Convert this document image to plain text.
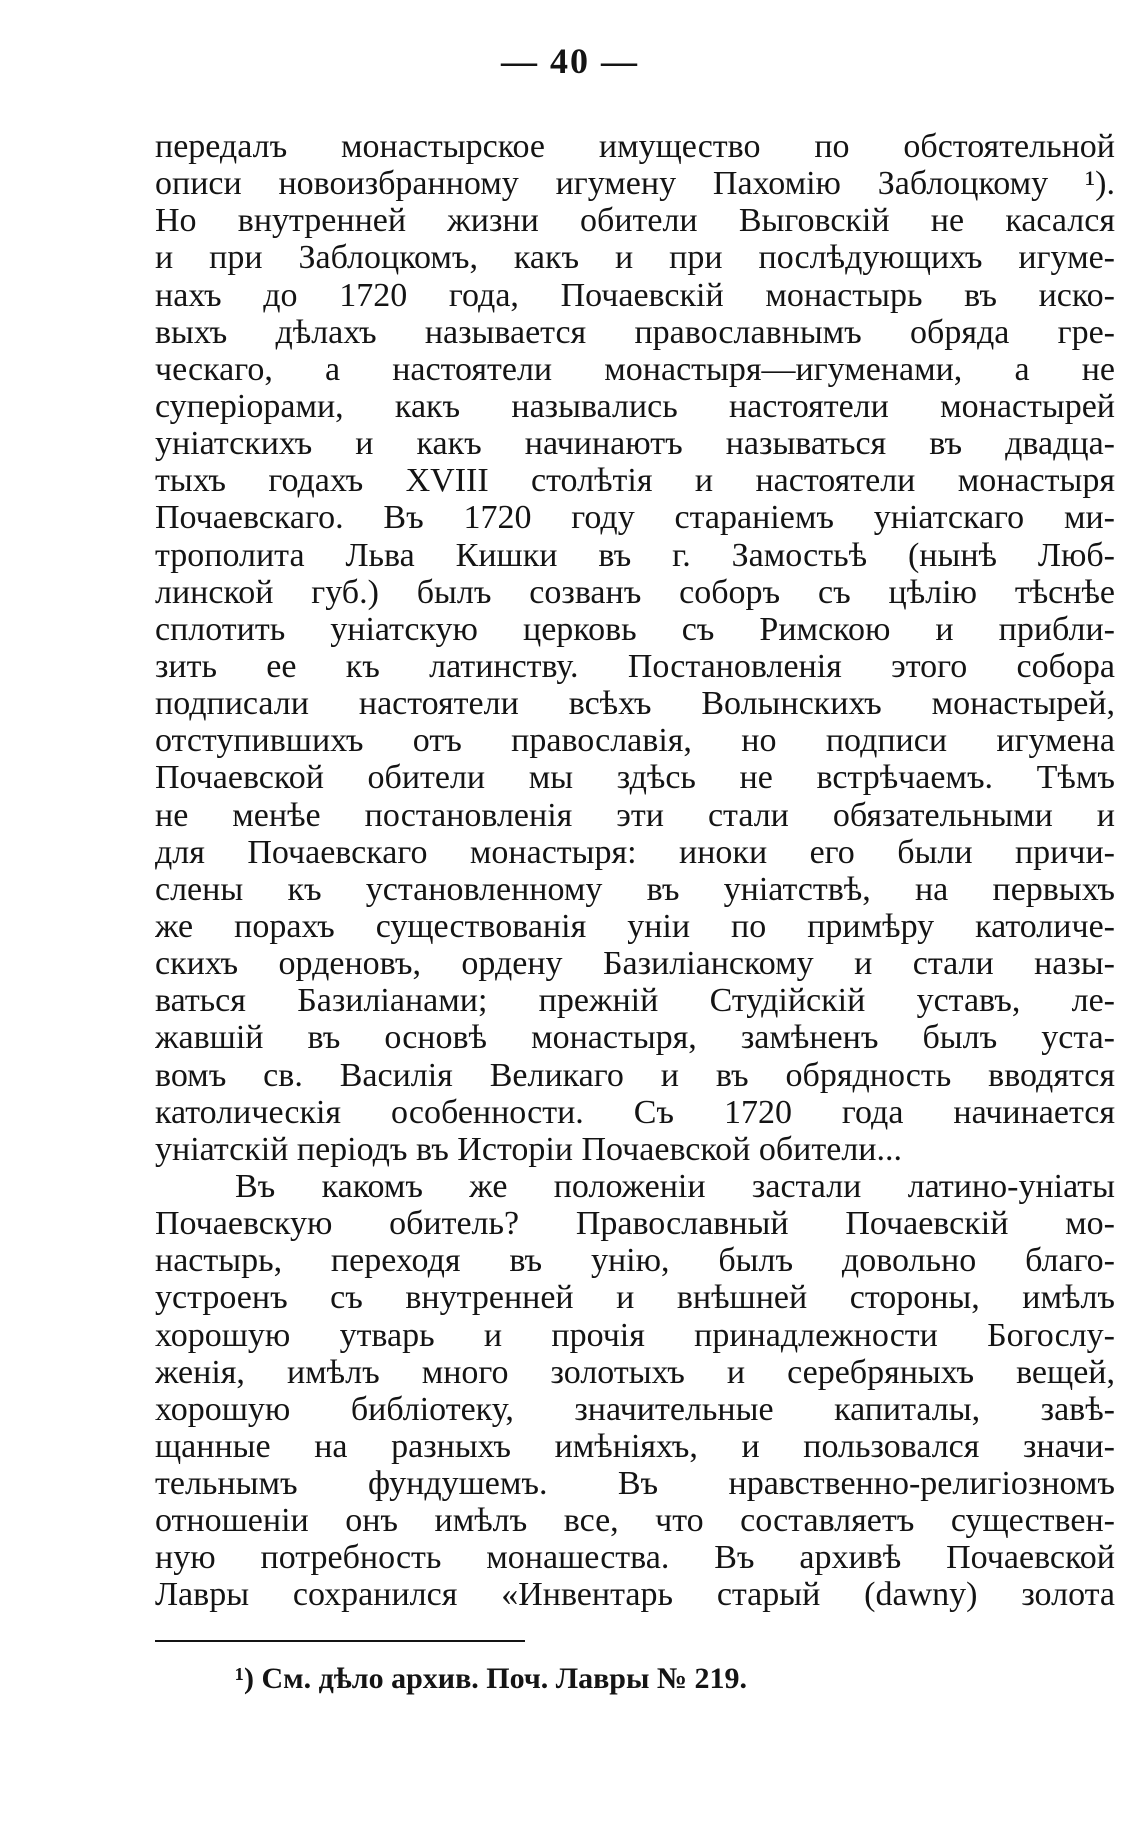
— 40 —
передалъ монастырское имущество по обстоятельной
описи новоизбранному игумену Пахомію Заблоцкому ¹).
Но внутренней жизни обители Выговскій не касался
и при Заблоцкомъ, какъ и при послѣдующихъ игуме-
нахъ до 1720 года, Почаевскій монастырь въ иско-
выхъ дѣлахъ называется православнымъ обряда гре-
ческаго, а настоятели монастыря—игуменами, а не
суперіорами, какъ назывались настоятели монастырей
уніатскихъ и какъ начинаютъ называться въ двадца-
тыхъ годахъ XVIII столѣтія и настоятели монастыря
Почаевскаго. Въ 1720 году стараніемъ уніатскаго ми-
трополита Льва Кишки въ г. Замостьѣ (нынѣ Люб-
линской губ.) былъ созванъ соборъ съ цѣлію тѣснѣе
сплотить уніатскую церковь съ Римскою и прибли-
зить ее къ латинству. Постановленія этого собора
подписали настоятели всѣхъ Волынскихъ монастырей,
отступившихъ отъ православія, но подписи игумена
Почаевской обители мы здѣсь не встрѣчаемъ. Тѣмъ
не менѣе постановленія эти стали обязательными и
для Почаевскаго монастыря: иноки его были причи-
слены къ установленному въ уніатствѣ, на первыхъ
же порахъ существованія уніи по примѣру католиче-
скихъ орденовъ, ордену Базиліанскому и стали назы-
ваться Базиліанами; прежній Студійскій уставъ, ле-
жавшій въ основѣ монастыря, замѣненъ былъ уста-
вомъ св. Василія Великаго и въ обрядность вводятся
католическія особенности. Съ 1720 года начинается
уніатскій періодъ въ Исторіи Почаевской обители...
Въ какомъ же положеніи застали латино-уніаты
Почаевскую обитель? Православный Почаевскій мо-
настырь, переходя въ унію, былъ довольно благо-
устроенъ съ внутренней и внѣшней стороны, имѣлъ
хорошую утварь и прочія принадлежности Богослу-
женія, имѣлъ много золотыхъ и серебряныхъ вещей,
хорошую библіотеку, значительные капиталы, завѣ-
щанные на разныхъ имѣніяхъ, и пользовался значи-
тельнымъ фундушемъ. Въ нравственно-религіозномъ
отношеніи онъ имѣлъ все, что составляетъ существен-
ную потребность монашества. Въ архивѣ Почаевской
Лавры сохранился «Инвентарь старый (dawny) золота
¹) См. дѣло архив. Поч. Лавры № 219.
